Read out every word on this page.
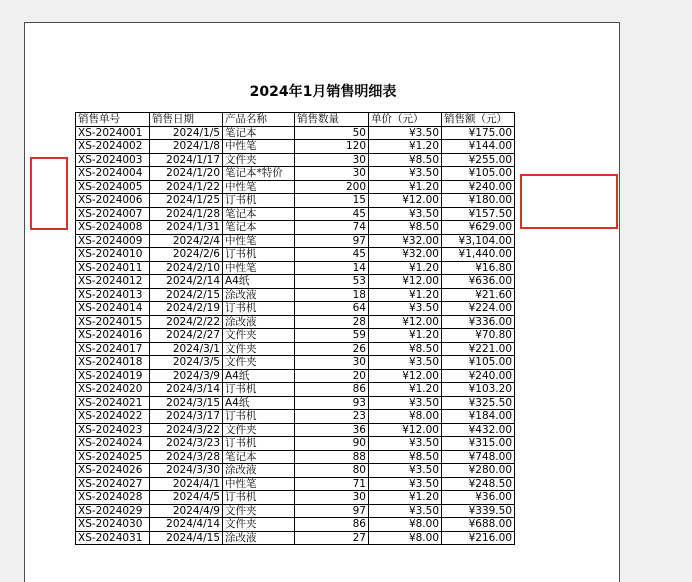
2024年1月销售明细表
销售单号	销售日期	产品名称	销售数量	单价（元）	销售额（元）
XS-2024001	2024/1/5	笔记本	50	¥3.50	¥175.00
XS-2024002	2024/1/8	中性笔	120	¥1.20	¥144.00
XS-2024003	2024/1/17	文件夹	30	¥8.50	¥255.00
XS-2024004	2024/1/20	笔记本*特价	30	¥3.50	¥105.00
XS-2024005	2024/1/22	中性笔	200	¥1.20	¥240.00
XS-2024006	2024/1/25	订书机	15	¥12.00	¥180.00
XS-2024007	2024/1/28	笔记本	45	¥3.50	¥157.50
XS-2024008	2024/1/31	笔记本	74	¥8.50	¥629.00
XS-2024009	2024/2/4	中性笔	97	¥32.00	¥3,104.00
XS-2024010	2024/2/6	订书机	45	¥32.00	¥1,440.00
XS-2024011	2024/2/10	中性笔	14	¥1.20	¥16.80
XS-2024012	2024/2/14	A4纸	53	¥12.00	¥636.00
XS-2024013	2024/2/15	涂改液	18	¥1.20	¥21.60
XS-2024014	2024/2/19	订书机	64	¥3.50	¥224.00
XS-2024015	2024/2/22	涂改液	28	¥12.00	¥336.00
XS-2024016	2024/2/27	文件夹	59	¥1.20	¥70.80
XS-2024017	2024/3/1	文件夹	26	¥8.50	¥221.00
XS-2024018	2024/3/5	文件夹	30	¥3.50	¥105.00
XS-2024019	2024/3/9	A4纸	20	¥12.00	¥240.00
XS-2024020	2024/3/14	订书机	86	¥1.20	¥103.20
XS-2024021	2024/3/15	A4纸	93	¥3.50	¥325.50
XS-2024022	2024/3/17	订书机	23	¥8.00	¥184.00
XS-2024023	2024/3/22	文件夹	36	¥12.00	¥432.00
XS-2024024	2024/3/23	订书机	90	¥3.50	¥315.00
XS-2024025	2024/3/28	笔记本	88	¥8.50	¥748.00
XS-2024026	2024/3/30	涂改液	80	¥3.50	¥280.00
XS-2024027	2024/4/1	中性笔	71	¥3.50	¥248.50
XS-2024028	2024/4/5	订书机	30	¥1.20	¥36.00
XS-2024029	2024/4/9	文件夹	97	¥3.50	¥339.50
XS-2024030	2024/4/14	文件夹	86	¥8.00	¥688.00
XS-2024031	2024/4/15	涂改液	27	¥8.00	¥216.00
